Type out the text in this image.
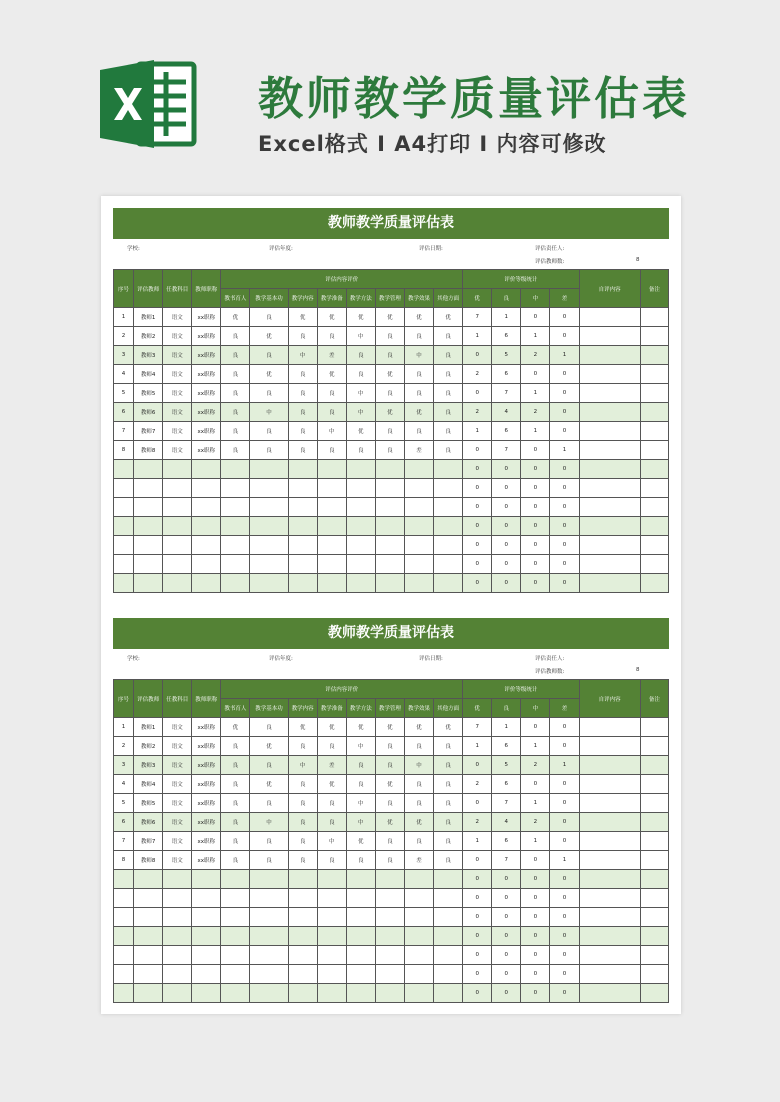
教师教学质量评估表
Excel格式 I A4打印 I 内容可修改
教师教学质量评估表
学校:	评估年度:	评估日期:	评估责任人:
评估教师数:	8
序号	评估教师	任教科目	教师职称	评估内容评价								评价等级统计				自评内容	备注
				教书育人	教学基本功	教学内容	教学准备	教学方法	教学管理	教学效果	其他方面	优	良	中	差		
1	教师1	语文	xx职称	优	良	优	优	优	优	优	优	7	1	0	0		
2	教师2	语文	xx职称	良	优	良	良	中	良	良	良	1	6	1	0		
3	教师3	语文	xx职称	良	良	中	差	良	良	中	良	0	5	2	1		
4	教师4	语文	xx职称	良	优	良	优	良	优	良	良	2	6	0	0		
5	教师5	语文	xx职称	良	良	良	良	中	良	良	良	0	7	1	0		
6	教师6	语文	xx职称	良	中	良	良	中	优	优	良	2	4	2	0		
7	教师7	语文	xx职称	良	良	良	中	优	良	良	良	1	6	1	0		
8	教师8	语文	xx职称	良	良	良	良	良	良	差	良	0	7	0	1		
												0	0	0	0		
												0	0	0	0		
												0	0	0	0		
												0	0	0	0		
												0	0	0	0		
												0	0	0	0		
												0	0	0	0		
教师教学质量评估表
学校:	评估年度:	评估日期:	评估责任人:
评估教师数:	8
序号	评估教师	任教科目	教师职称	评估内容评价								评价等级统计				自评内容	备注
				教书育人	教学基本功	教学内容	教学准备	教学方法	教学管理	教学效果	其他方面	优	良	中	差		
1	教师1	语文	xx职称	优	良	优	优	优	优	优	优	7	1	0	0		
2	教师2	语文	xx职称	良	优	良	良	中	良	良	良	1	6	1	0		
3	教师3	语文	xx职称	良	良	中	差	良	良	中	良	0	5	2	1		
4	教师4	语文	xx职称	良	优	良	优	良	优	良	良	2	6	0	0		
5	教师5	语文	xx职称	良	良	良	良	中	良	良	良	0	7	1	0		
6	教师6	语文	xx职称	良	中	良	良	中	优	优	良	2	4	2	0		
7	教师7	语文	xx职称	良	良	良	中	优	良	良	良	1	6	1	0		
8	教师8	语文	xx职称	良	良	良	良	良	良	差	良	0	7	0	1		
												0	0	0	0		
												0	0	0	0		
												0	0	0	0		
												0	0	0	0		
												0	0	0	0		
												0	0	0	0		
												0	0	0	0		
